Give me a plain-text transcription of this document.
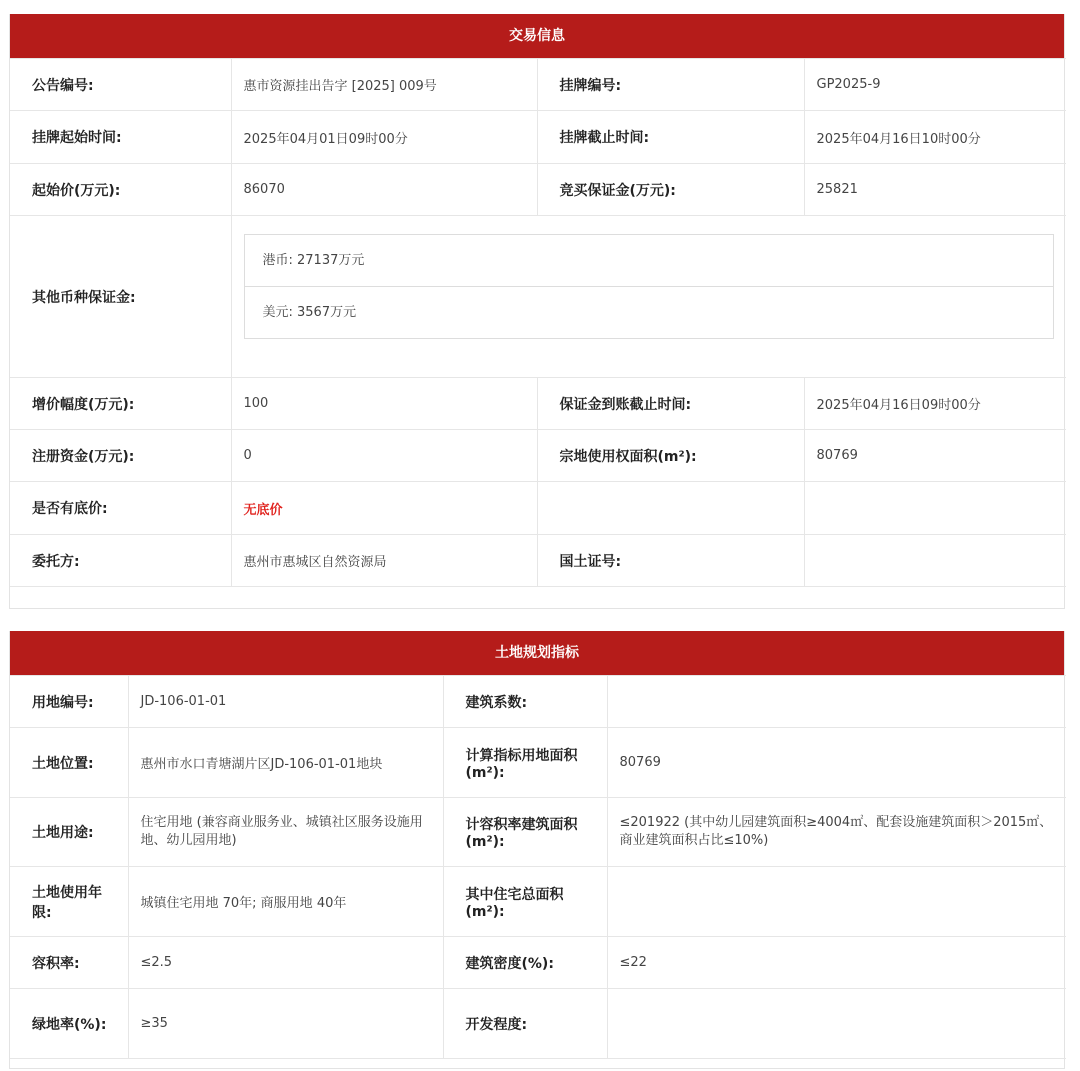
交易信息
公告编号:	惠市资源挂出告字 [2025] 009号	挂牌编号:	GP2025-9
挂牌起始时间:	2025年04月01日09时00分	挂牌截止时间:	2025年04月16日10时00分
起始价(万元):	86070	竞买保证金(万元):	25821
其他币种保证金:	港币: 27137万元
美元: 3567万元		

增价幅度(万元):	100	保证金到账截止时间:	2025年04月16日09时00分
注册资金(万元):	0	宗地使用权面积(m²):	80769
是否有底价:	无底价		
委托方:	惠州市惠城区自然资源局	国土证号:	

土地规划指标
用地编号:	JD-106-01-01	建筑系数:	
土地位置:	惠州市水口青塘湖片区JD-106-01-01地块	计算指标用地面积(m²):	80769
土地用途:	住宅用地 (兼容商业服务业、城镇社区服务设施用地、幼儿园用地)	计容积率建筑面积(m²):	≤201922 (其中幼儿园建筑面积≥4004㎡、配套设施建筑面积＞2015㎡、商业建筑面积占比≤10%)
土地使用年限:	城镇住宅用地 70年; 商服用地 40年	其中住宅总面积(m²):	
容积率:	≤2.5	建筑密度(%):	≤22
绿地率(%):	≥35	开发程度:	
